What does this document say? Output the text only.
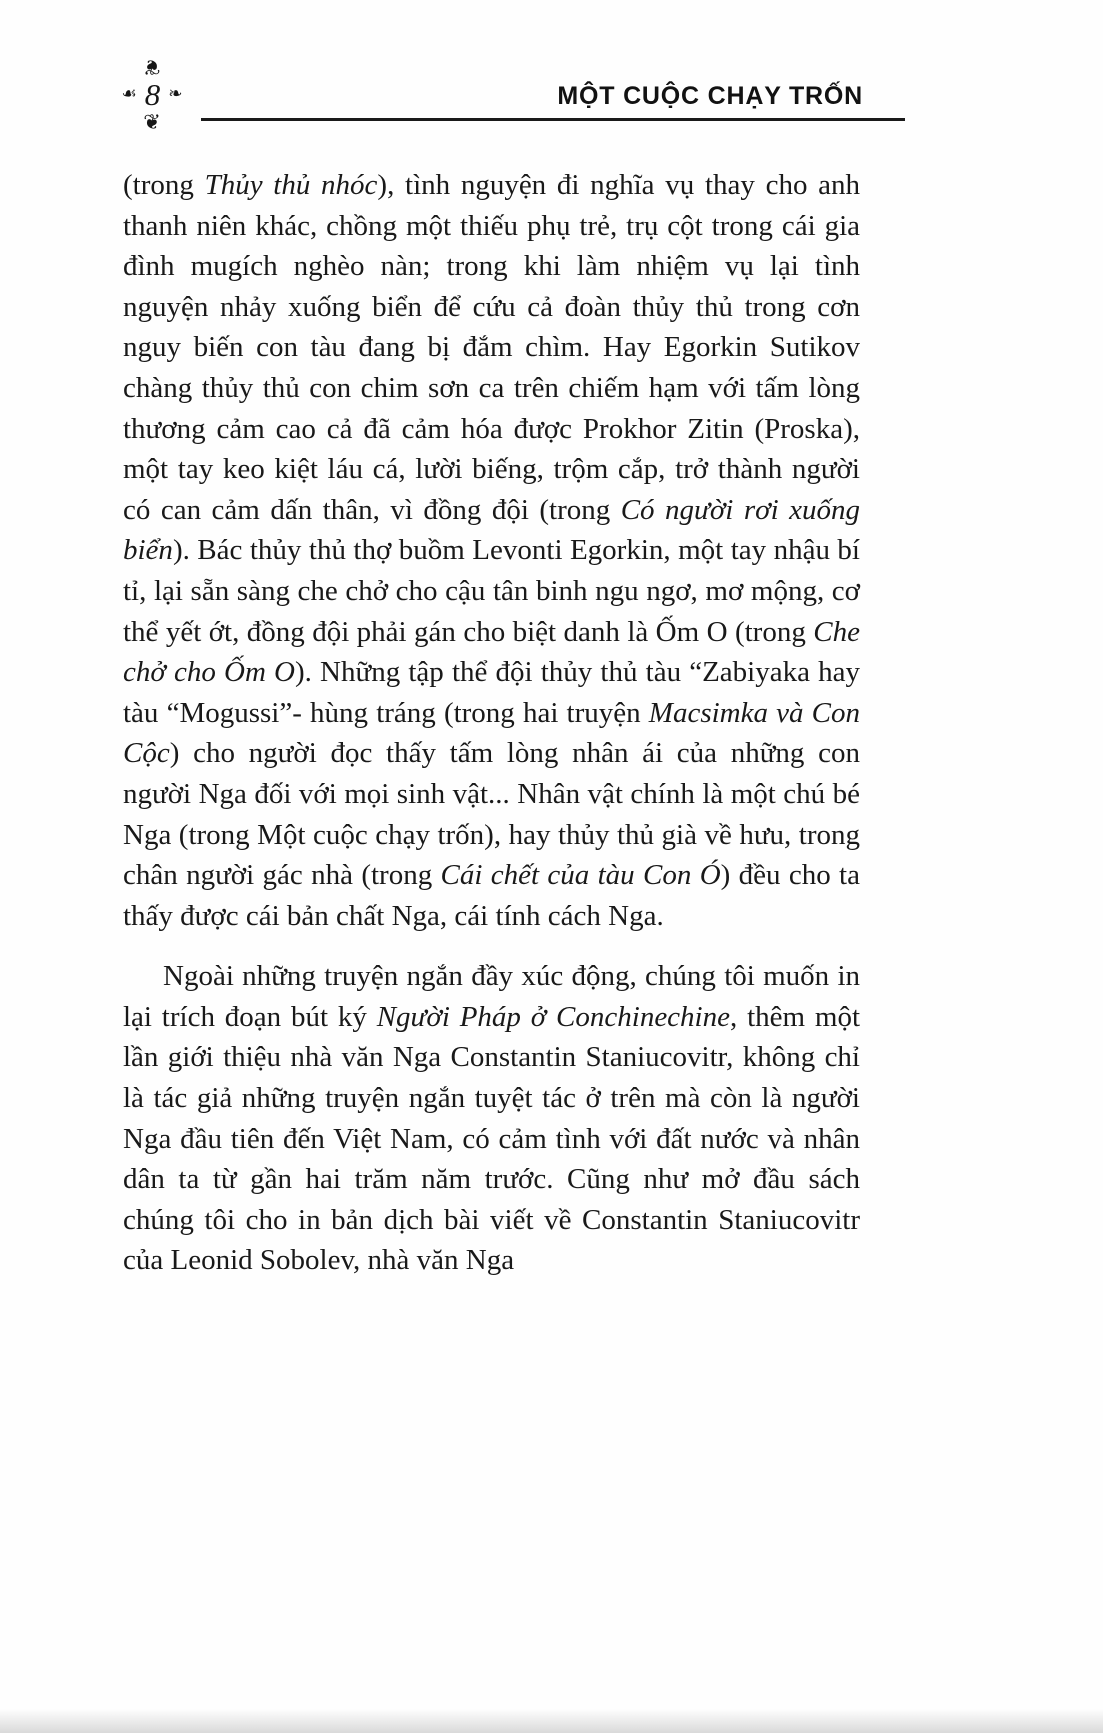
❦
☙ 8 ❧
❦
MỘT CUỘC CHẠY TRỐN

(trong Thủy thủ nhóc), tình nguyện đi nghĩa vụ thay cho anh thanh niên khác, chồng một thiếu phụ trẻ, trụ cột trong cái gia đình mugích nghèo nàn; trong khi làm nhiệm vụ lại tình nguyện nhảy xuống biển để cứu cả đoàn thủy thủ trong cơn nguy biến con tàu đang bị đắm chìm. Hay Egorkin Sutikov chàng thủy thủ con chim sơn ca trên chiếm hạm với tấm lòng thương cảm cao cả đã cảm hóa được Prokhor Zitin (Proska), một tay keo kiệt láu cá, lười biếng, trộm cắp, trở thành người có can cảm dấn thân, vì đồng đội (trong Có người rơi xuống biển). Bác thủy thủ thợ buồm Levonti Egorkin, một tay nhậu bí tỉ, lại sẵn sàng che chở cho cậu tân binh ngu ngơ, mơ mộng, cơ thể yết ớt, đồng đội phải gán cho biệt danh là Ốm O (trong Che chở cho Ốm O). Những tập thể đội thủy thủ tàu “Zabiyaka hay tàu “Mogussi”- hùng tráng (trong hai truyện Macsimka và Con Cộc) cho người đọc thấy tấm lòng nhân ái của những con người Nga đối với mọi sinh vật... Nhân vật chính là một chú bé Nga (trong Một cuộc chạy trốn), hay thủy thủ già về hưu, trong chân người gác nhà (trong Cái chết của tàu Con Ó) đều cho ta thấy được cái bản chất Nga, cái tính cách Nga.

Ngoài những truyện ngắn đầy xúc động, chúng tôi muốn in lại trích đoạn bút ký Người Pháp ở Conchinechine, thêm một lần giới thiệu nhà văn Nga Constantin Staniucovitr, không chỉ là tác giả những truyện ngắn tuyệt tác ở trên mà còn là người Nga đầu tiên đến Việt Nam, có cảm tình với đất nước và nhân dân ta từ gần hai trăm năm trước. Cũng như mở đầu sách chúng tôi cho in bản dịch bài viết về Constantin Staniucovitr của Leonid Sobolev, nhà văn Nga
